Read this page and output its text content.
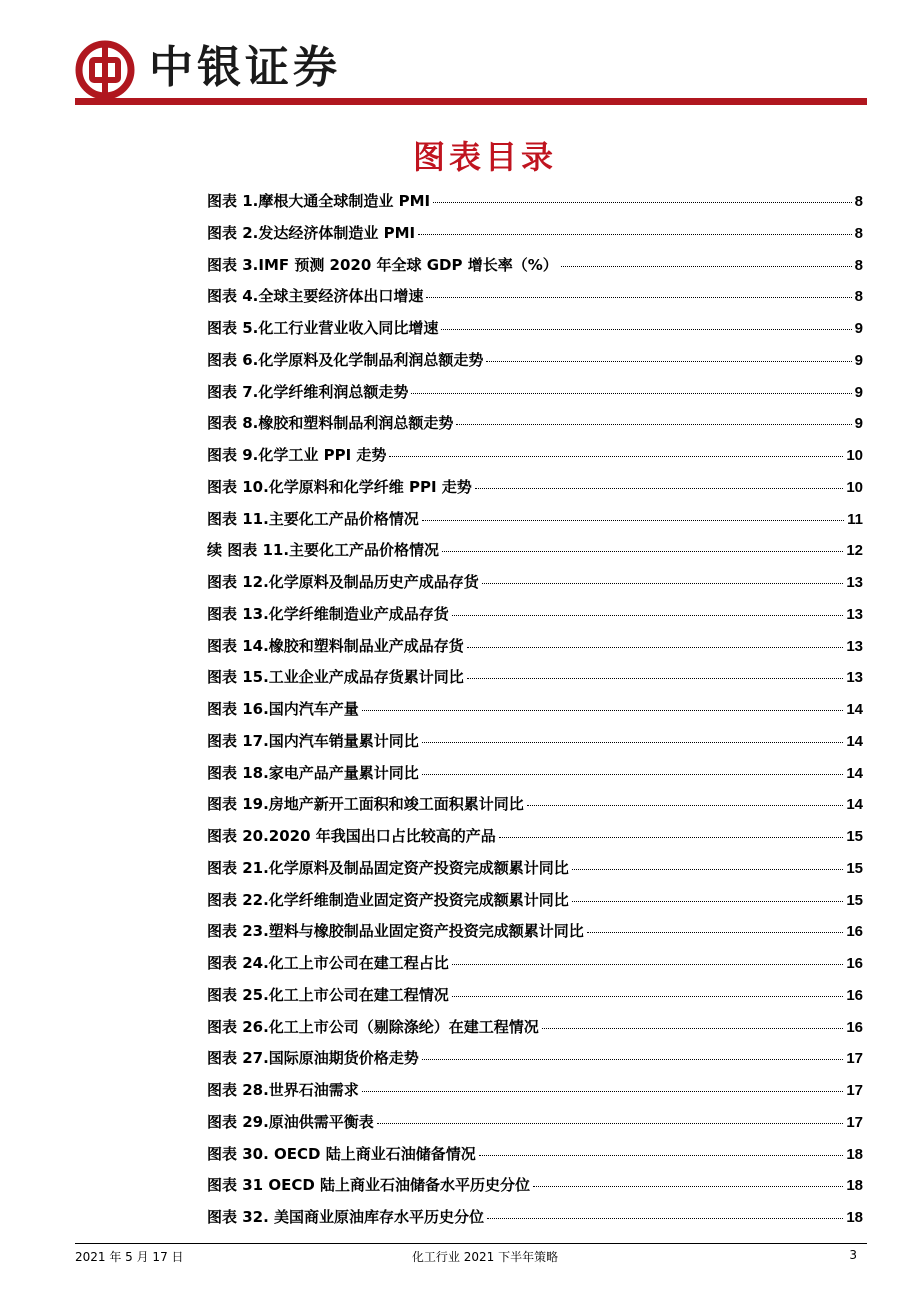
中银证券
图表目录
图表 1.摩根大通全球制造业 PMI	8
图表 2.发达经济体制造业 PMI	8
图表 3.IMF 预测 2020 年全球 GDP 增长率（%）	8
图表 4.全球主要经济体出口增速	8
图表 5.化工行业营业收入同比增速	9
图表 6.化学原料及化学制品利润总额走势	9
图表 7.化学纤维利润总额走势	9
图表 8.橡胶和塑料制品利润总额走势	9
图表 9.化学工业 PPI 走势	10
图表 10.化学原料和化学纤维 PPI 走势	10
图表 11.主要化工产品价格情况	11
续 图表 11.主要化工产品价格情况	12
图表 12.化学原料及制品历史产成品存货	13
图表 13.化学纤维制造业产成品存货	13
图表 14.橡胶和塑料制品业产成品存货	13
图表 15.工业企业产成品存货累计同比	13
图表 16.国内汽车产量	14
图表 17.国内汽车销量累计同比	14
图表 18.家电产品产量累计同比	14
图表 19.房地产新开工面积和竣工面积累计同比	14
图表 20.2020 年我国出口占比较高的产品	15
图表 21.化学原料及制品固定资产投资完成额累计同比	15
图表 22.化学纤维制造业固定资产投资完成额累计同比	15
图表 23.塑料与橡胶制品业固定资产投资完成额累计同比	16
图表 24.化工上市公司在建工程占比	16
图表 25.化工上市公司在建工程情况	16
图表 26.化工上市公司（剔除涤纶）在建工程情况	16
图表 27.国际原油期货价格走势	17
图表 28.世界石油需求	17
图表 29.原油供需平衡表	17
图表 30. OECD 陆上商业石油储备情况	18
图表 31 OECD 陆上商业石油储备水平历史分位	18
图表 32. 美国商业原油库存水平历史分位	18
2021 年 5 月 17 日	化工行业 2021 下半年策略	3
